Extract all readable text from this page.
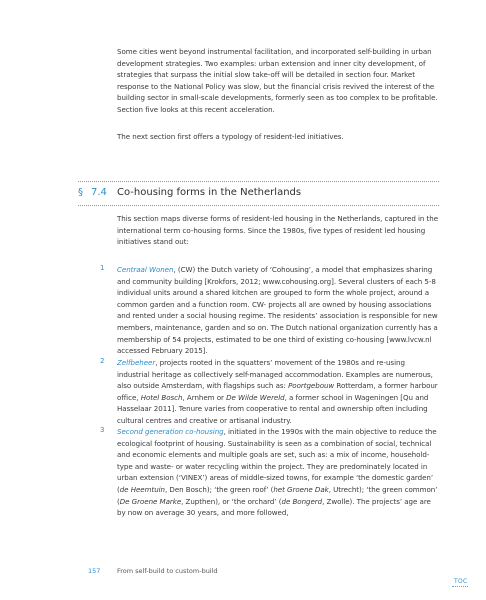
Some cities went beyond instrumental facilitation, and incorporated self-building in urban development strategies. Two examples: urban extension and inner city development, of strategies that surpass the initial slow take-off will be detailed in section four. Market response to the National Policy was slow, but the financial crisis revived the interest of the building sector in small-scale developments, formerly seen as too complex to be profitable. Section five looks at this recent acceleration.

The next section first offers a typology of resident-led initiatives.

§ 7.4 Co-housing forms in the Netherlands

This section maps diverse forms of resident-led housing in the Netherlands, captured in the international term co-housing forms. Since the 1980s, five types of resident led housing initiatives stand out:

1	Centraal Wonen, (CW) the Dutch variety of ‘Cohousing’, a model that emphasizes sharing and community building [Krokfors, 2012; www.cohousing.org]. Several clusters of each 5-8 individual units around a shared kitchen are grouped to form the whole project, around a common garden and a function room. CW- projects all are owned by housing associations and rented under a social housing regime. The residents’ association is responsible for new members, maintenance, garden and so on. The Dutch national organization currently has a membership of 54 projects, estimated to be one third of existing co-housing [www.lvcw.nl accessed February 2015].

2	Zelfbeheer, projects rooted in the squatters’ movement of the 1980s and re-using industrial heritage as collectively self-managed accommodation. Examples are numerous, also outside Amsterdam, with flagships such as: Poortgebouw Rotterdam, a former harbour office, Hotel Bosch, Arnhem or De Wilde Wereld, a former school in Wageningen [Qu and Hasselaar 2011]. Tenure varies from cooperative to rental and ownership often including cultural centres and creative or artisanal industry.

3	Second generation co-housing, initiated in the 1990s with the main objective to reduce the ecological footprint of housing. Sustainability is seen as a combination of social, technical and economic elements and multiple goals are set, such as: a mix of income, household-type and waste- or water recycling within the project. They are predominately located in urban extension (‘VINEX’) areas of middle-sized towns, for example ‘the domestic garden’ (de Heemtuin, Den Bosch); ‘the green roof’ (het Groene Dak, Utrecht); ‘the green common’ (De Groene Marke, Zupthen), or ‘the orchard’ (de Bongerd, Zwolle). The projects’ age are by now on average 30 years, and more followed,

157	From self-build to custom-build
TOC
